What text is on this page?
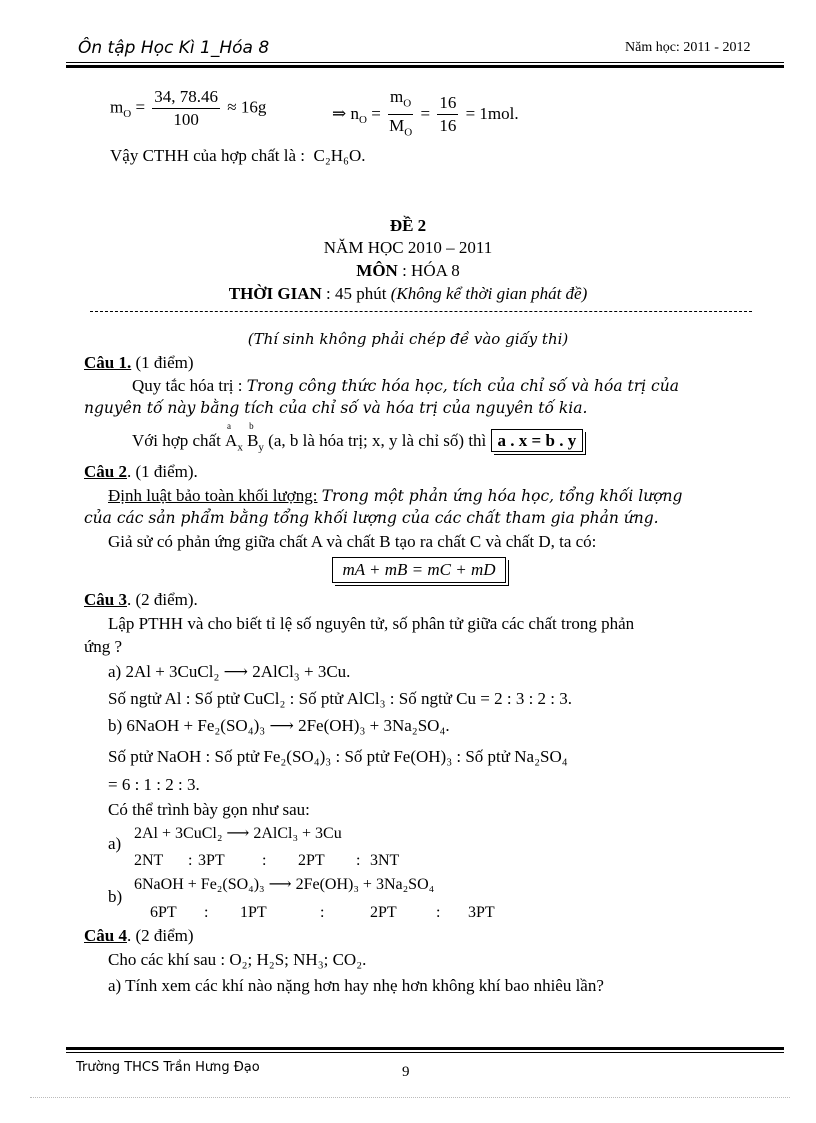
Ôn tập Học Kì 1_Hóa 8	Năm học: 2011 - 2012
$m_O = \frac{34, 78.46}{100} \approx 16g$	⇒ $n_O = \frac{m_O}{M_O} = \frac{16}{16} = 1mol$.
Vậy CTHH của hợp chất là : C₂H₆O.
ĐỀ 2
NĂM HỌC 2010 – 2011
MÔN : HÓA 8
THỜI GIAN : 45 phút (Không kể thời gian phát đề)
(Thí sinh không phải chép đề vào giấy thi)
Câu 1. (1 điểm)
Quy tắc hóa trị : Trong công thức hóa học, tích của chỉ số và hóa trị của
nguyên tố này bằng tích của chỉ số và hóa trị của nguyên tố kia.
Với hợp chất
a
$A_x$
b
$B_y$ (a, b là hóa trị; x, y là chỉ số) thì a . x = b . y
Câu 2. (1 điểm).
Định luật bảo toàn khối lượng: Trong một phản ứng hóa học, tổng khối lượng
của các sản phẩm bằng tổng khối lượng của các chất tham gia phản ứng.
Giả sử có phản ứng giữa chất A và chất B tạo ra chất C và chất D, ta có:
mA + mB = mC + mD
Câu 3. (2 điểm).
Lập PTHH và cho biết tỉ lệ số nguyên tử, số phân tử giữa các chất trong phản
ứng ?
a) 2Al + 3CuCl₂ ⟶ 2AlCl₃ + 3Cu.
Số ngtử Al : Số ptử CuCl₂ : Số ptử AlCl₃ : Số ngtử Cu = 2 : 3 : 2 : 3.
b) 6NaOH + Fe₂(SO₄)₃ ⟶ 2Fe(OH)₃ + 3Na₂SO₄.
Số ptử NaOH : Số ptử Fe₂(SO₄)₃ : Số ptử Fe(OH)₃ : Số ptử Na₂SO₄
= 6 : 1 : 2 : 3.
Có thể trình bày gọn như sau:
a)
2Al + 3CuCl₂ ⟶ 2AlCl₃ + 3Cu
2NT : 3PT : 2PT : 3NT
b)
6NaOH + Fe₂(SO₄)₃ ⟶ 2Fe(OH)₃ + 3Na₂SO₄
6PT : 1PT	:	2PT : 3PT
Câu 4. (2 điểm)
Cho các khí sau : O₂; H₂S; NH₃; CO₂.
a) Tính xem các khí nào nặng hơn hay nhẹ hơn không khí bao nhiêu lần?
Trường THCS Trần Hưng Đạo	9
